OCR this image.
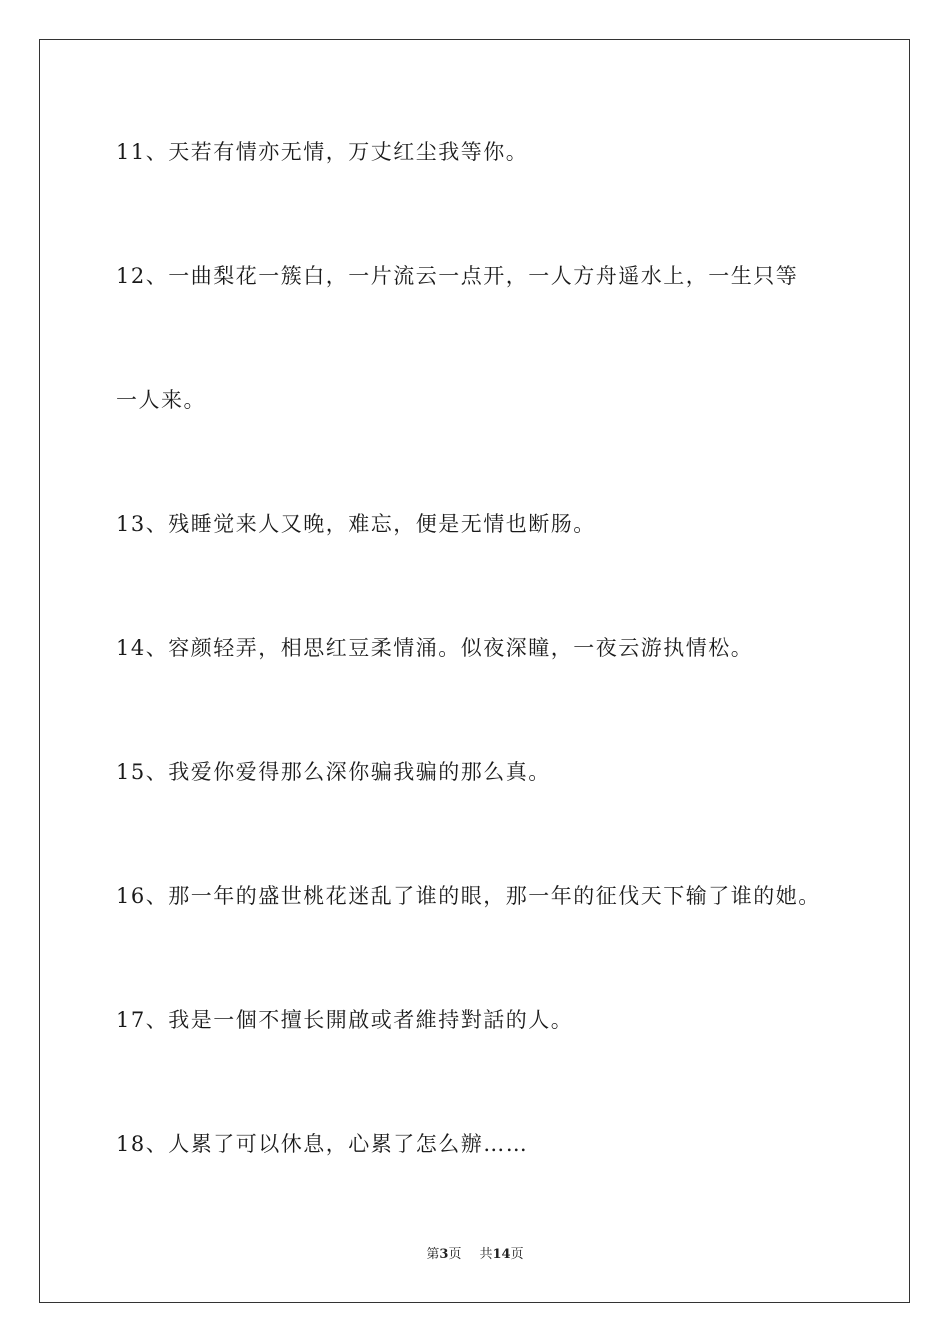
11、天若有情亦无情，万丈红尘我等你。
12、一曲梨花一簇白，一片流云一点开，一人方舟遥水上，一生只等
一人来。
13、残睡觉来人又晚，难忘，便是无情也断肠。
14、容颜轻弄，相思红豆柔情涌。似夜深瞳，一夜云游执情松。
15、我爱你爱得那么深你骗我骗的那么真。
16、那一年的盛世桃花迷乱了谁的眼，那一年的征伐天下输了谁的她。
17、我是一個不擅长開啟或者維持對話的人。
18、人累了可以休息，心累了怎么辦……
第3页 共14页
